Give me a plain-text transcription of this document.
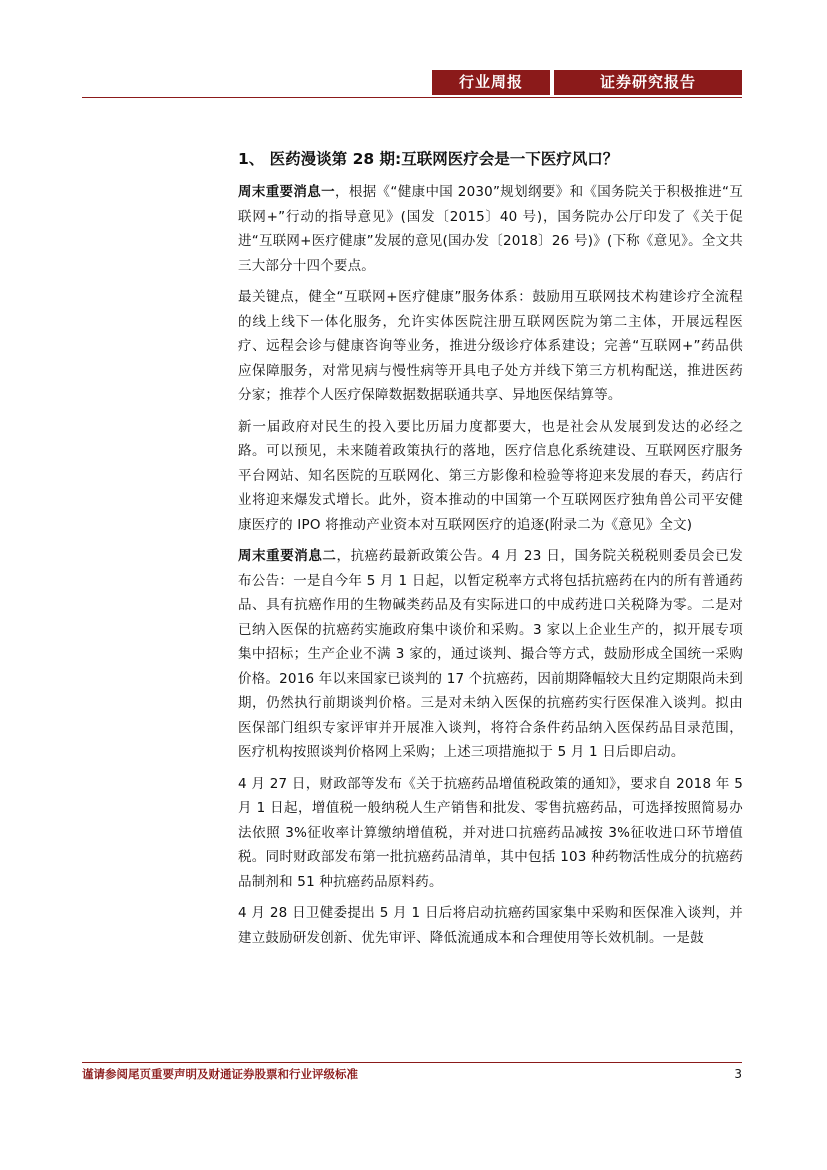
行业周报	证券研究报告
1、 医药漫谈第 28 期:互联网医疗会是一下医疗风口？

周末重要消息一，根据《“健康中国 2030”规划纲要》和《国务院关于积极推进“互联网+”行动的指导意见》(国发〔2015〕40 号)，国务院办公厅印发了《关于促进“互联网+医疗健康”发展的意见(国办发〔2018〕26 号)》(下称《意见》。全文共三大部分十四个要点。

最关键点，健全“互联网+医疗健康”服务体系：鼓励用互联网技术构建诊疗全流程的线上线下一体化服务，允许实体医院注册互联网医院为第二主体，开展远程医疗、远程会诊与健康咨询等业务，推进分级诊疗体系建设；完善“互联网+”药品供应保障服务，对常见病与慢性病等开具电子处方并线下第三方机构配送，推进医药分家；推荐个人医疗保障数据数据联通共享、异地医保结算等。

新一届政府对民生的投入要比历届力度都要大，也是社会从发展到发达的必经之路。可以预见，未来随着政策执行的落地，医疗信息化系统建设、互联网医疗服务平台网站、知名医院的互联网化、第三方影像和检验等将迎来发展的春天，药店行业将迎来爆发式增长。此外，资本推动的中国第一个互联网医疗独角兽公司平安健康医疗的 IPO 将推动产业资本对互联网医疗的追逐(附录二为《意见》全文)

周末重要消息二，抗癌药最新政策公告。4 月 23 日，国务院关税税则委员会已发布公告：一是自今年 5 月 1 日起，以暂定税率方式将包括抗癌药在内的所有普通药品、具有抗癌作用的生物碱类药品及有实际进口的中成药进口关税降为零。二是对已纳入医保的抗癌药实施政府集中谈价和采购。3 家以上企业生产的，拟开展专项集中招标；生产企业不满 3 家的，通过谈判、撮合等方式，鼓励形成全国统一采购价格。2016 年以来国家已谈判的 17 个抗癌药，因前期降幅较大且约定期限尚未到期，仍然执行前期谈判价格。三是对未纳入医保的抗癌药实行医保准入谈判。拟由医保部门组织专家评审并开展准入谈判，将符合条件药品纳入医保药品目录范围，医疗机构按照谈判价格网上采购；上述三项措施拟于 5 月 1 日后即启动。

4 月 27 日，财政部等发布《关于抗癌药品增值税政策的通知》，要求自 2018 年 5 月 1 日起，增值税一般纳税人生产销售和批发、零售抗癌药品，可选择按照简易办法依照 3%征收率计算缴纳增值税，并对进口抗癌药品减按 3%征收进口环节增值税。同时财政部发布第一批抗癌药品清单，其中包括 103 种药物活性成分的抗癌药品制剂和 51 种抗癌药品原料药。

4 月 28 日卫健委提出 5 月 1 日后将启动抗癌药国家集中采购和医保准入谈判，并建立鼓励研发创新、优先审评、降低流通成本和合理使用等长效机制。一是鼓

谨请参阅尾页重要声明及财通证券股票和行业评级标准	3
